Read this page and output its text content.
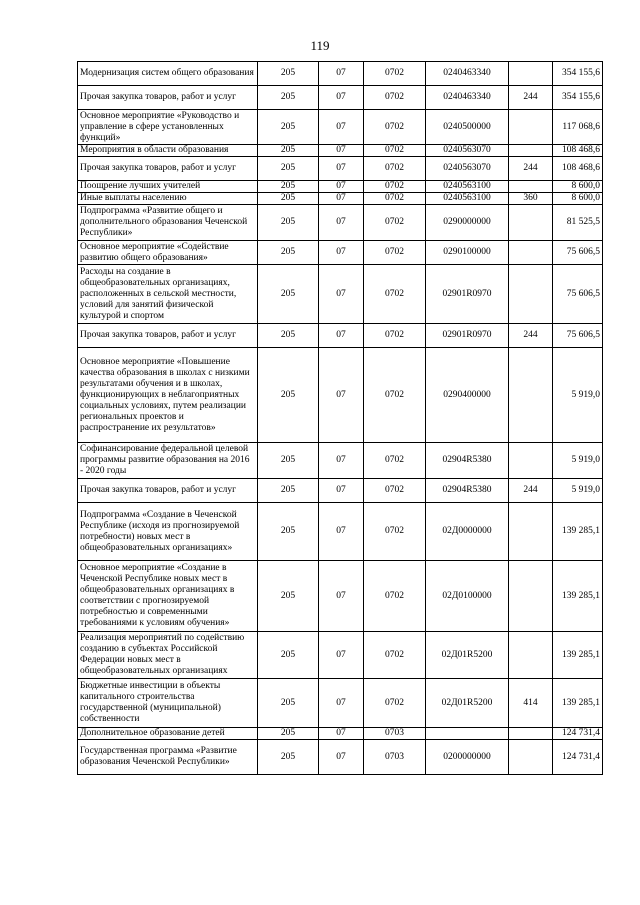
119
Модернизация систем общего образования	205	07	0702	0240463340		354 155,6
Прочая закупка товаров, работ и услуг	205	07	0702	0240463340	244	354 155,6
Основное мероприятие «Руководство и управление в сфере установленных функций»	205	07	0702	0240500000		117 068,6
Мероприятия в области образования	205	07	0702	0240563070		108 468,6
Прочая закупка товаров, работ и услуг	205	07	0702	0240563070	244	108 468,6
Поощрение лучших учителей	205	07	0702	0240563100		8 600,0
Иные выплаты населению	205	07	0702	0240563100	360	8 600,0
Подпрограмма «Развитие общего и дополнительного образования Чеченской Республики»	205	07	0702	0290000000		81 525,5
Основное мероприятие «Содействие развитию общего образования»	205	07	0702	0290100000		75 606,5
Расходы на создание в общеобразовательных организациях, расположенных в сельской местности, условий для занятий физической культурой и спортом	205	07	0702	02901R0970		75 606,5
Прочая закупка товаров, работ и услуг	205	07	0702	02901R0970	244	75 606,5
Основное мероприятие «Повышение качества образования в школах с низкими результатами обучения и в школах, функционирующих в неблагоприятных социальных условиях, путем реализации региональных проектов и распространение их результатов»	205	07	0702	0290400000		5 919,0
Софинансирование федеральной целевой программы развитие образования на 2016 - 2020 годы	205	07	0702	02904R5380		5 919,0
Прочая закупка товаров, работ и услуг	205	07	0702	02904R5380	244	5 919,0
Подпрограмма «Создание в Чеченской Республике (исходя из прогнозируемой потребности) новых мест в общеобразовательных организациях»	205	07	0702	02Д0000000		139 285,1
Основное мероприятие «Создание в Чеченской Республике новых мест в общеобразовательных организациях в соответствии с прогнозируемой потребностью и современными требованиями к условиям обучения»	205	07	0702	02Д0100000		139 285,1
Реализация мероприятий по содействию созданию в субъектах Российской Федерации новых мест в общеобразовательных организациях	205	07	0702	02Д01R5200		139 285,1
Бюджетные инвестиции в объекты капитального строительства государственной (муниципальной) собственности	205	07	0702	02Д01R5200	414	139 285,1
Дополнительное образование детей	205	07	0703			124 731,4
Государственная программа «Развитие образования Чеченской Республики»	205	07	0703	0200000000		124 731,4
